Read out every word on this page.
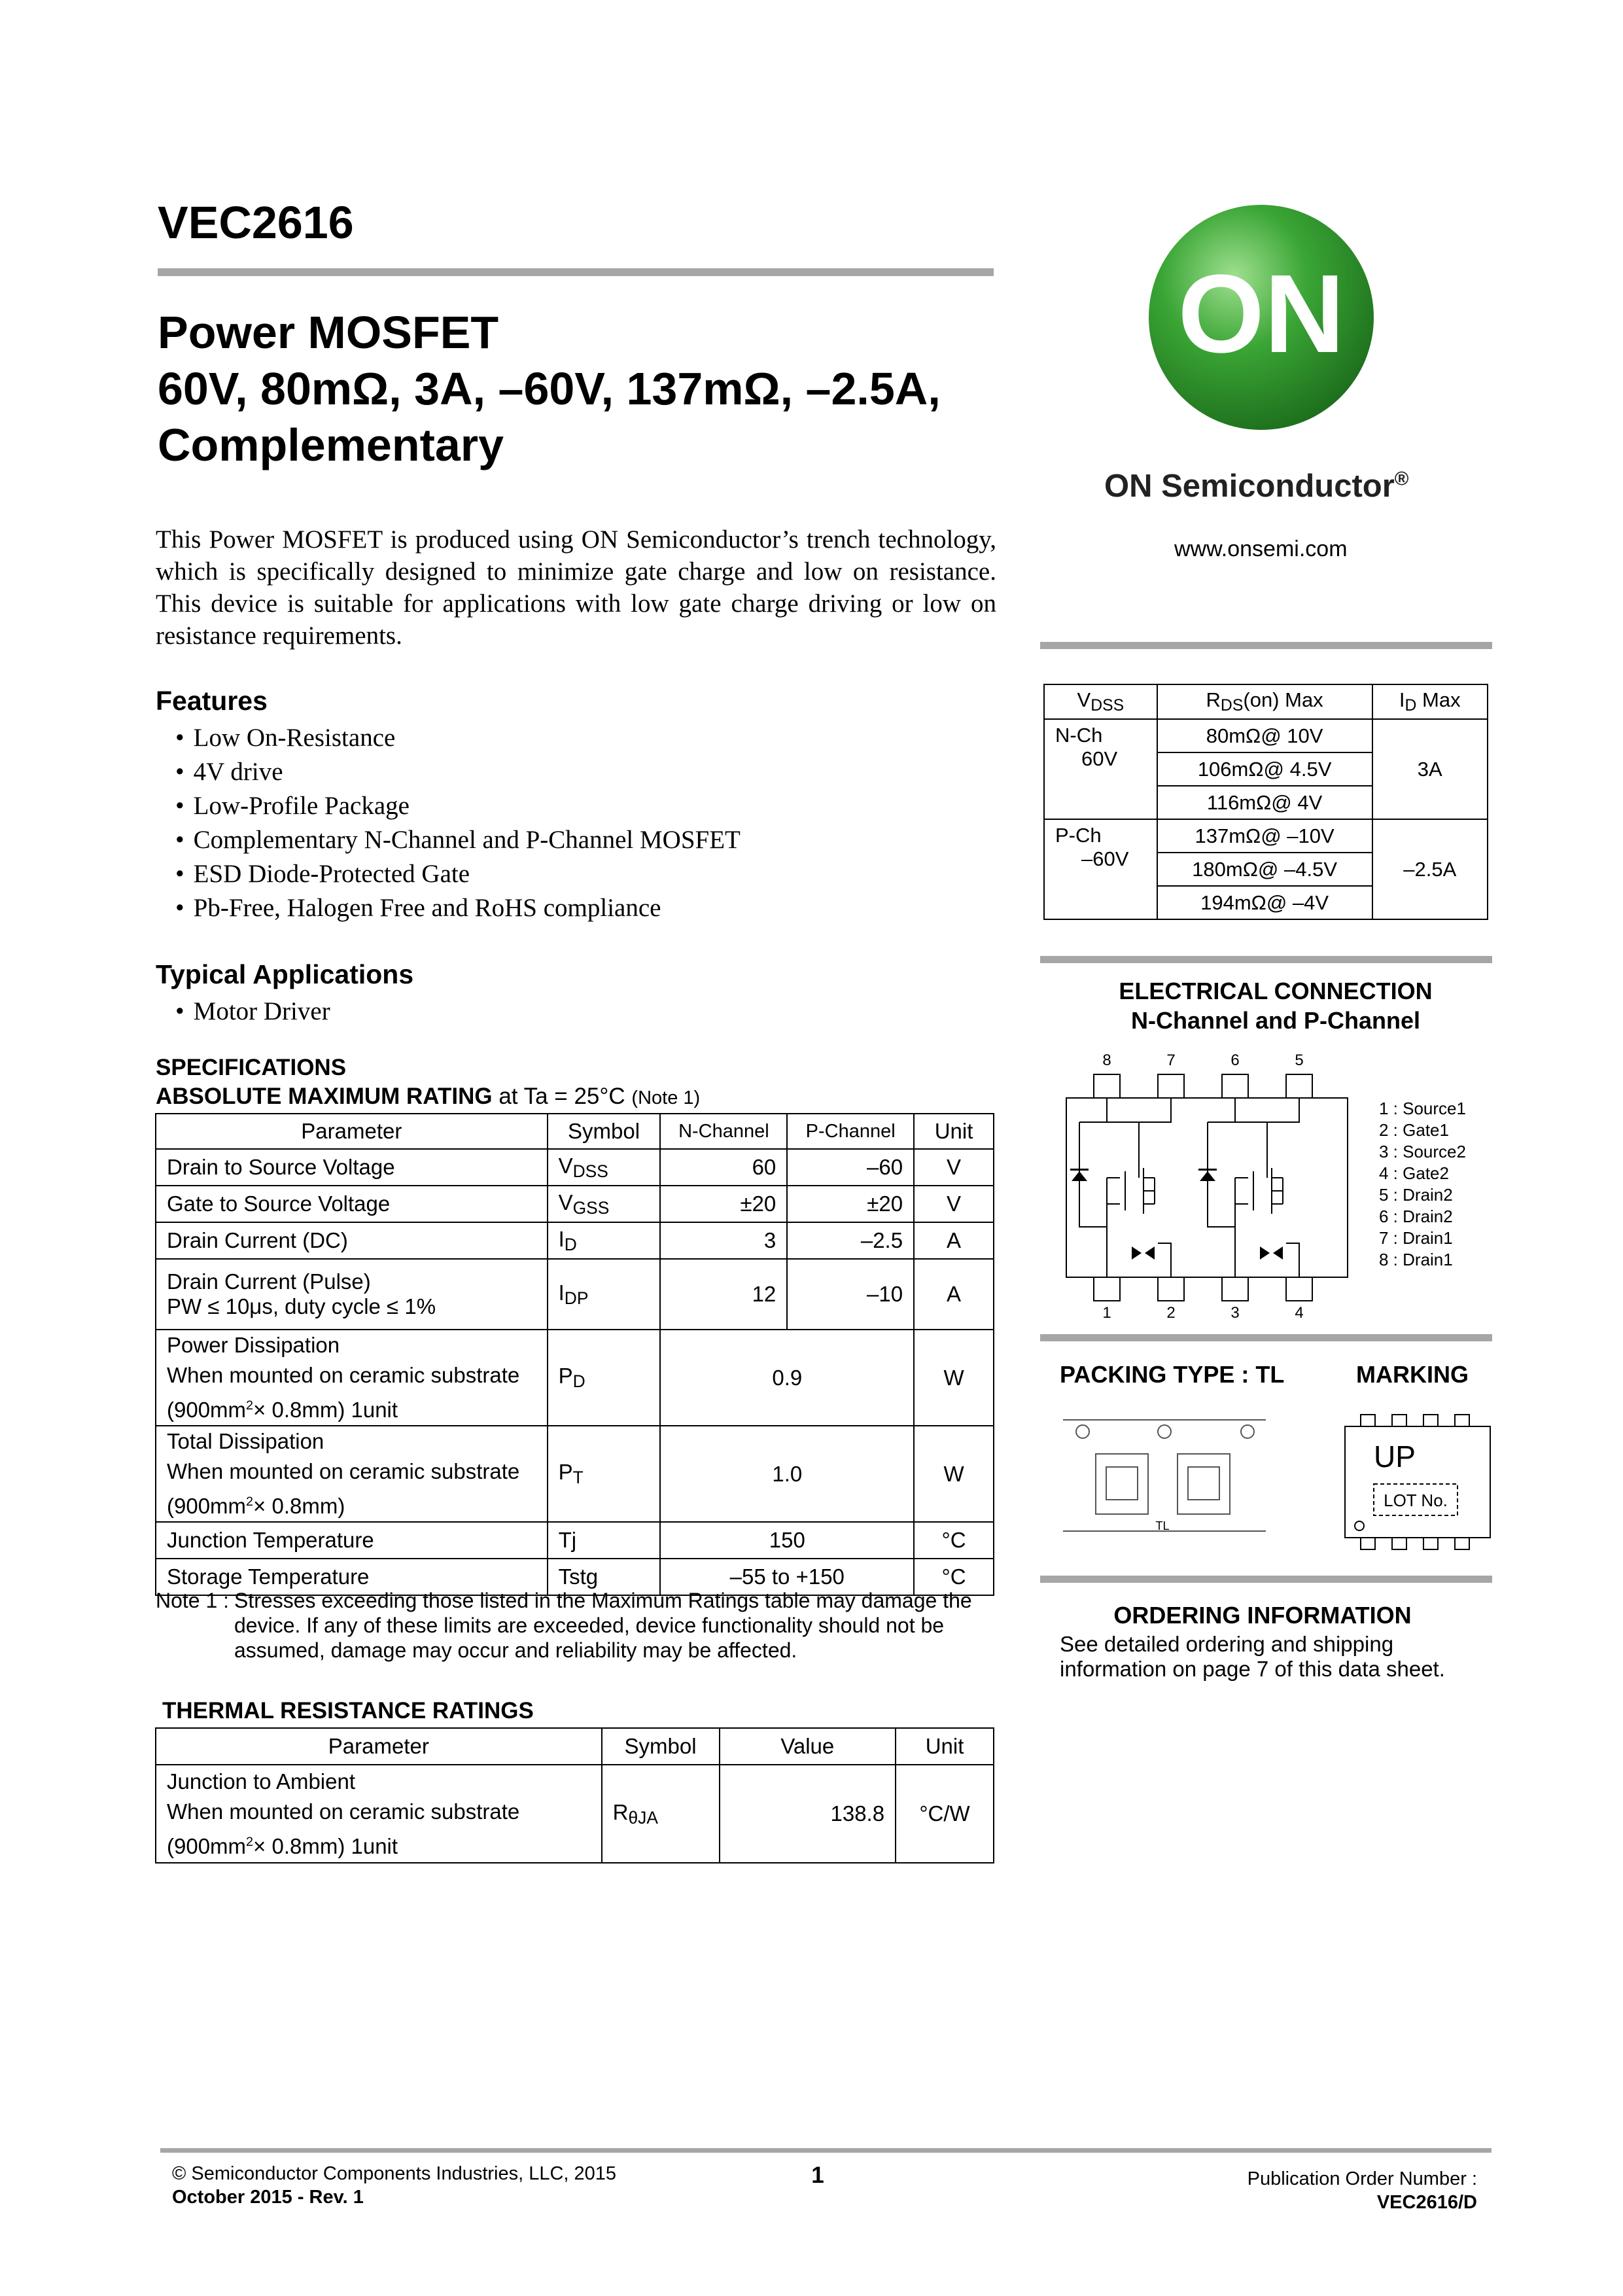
VEC2616
Power MOSFET
60V, 80mΩ, 3A, –60V, 137mΩ, –2.5A,
Complementary
ON
ON Semiconductor®
www.onsemi.com
This Power MOSFET is produced using ON Semiconductor’s trench technology, which is specifically designed to minimize gate charge and low on resistance. This device is suitable for applications with low gate charge driving or low on resistance requirements.
Features
• Low On-Resistance
• 4V drive
• Low-Profile Package
• Complementary N-Channel and P-Channel MOSFET
• ESD Diode-Protected Gate
• Pb-Free, Halogen Free and RoHS compliance
Typical Applications
• Motor Driver
SPECIFICATIONS
ABSOLUTE MAXIMUM RATING at Ta = 25°C (Note 1)
Parameter	Symbol	N-Channel	P-Channel	Unit
Drain to Source Voltage	$V_{DSS}$	60	–60	V
Gate to Source Voltage	$V_{GSS}$	±20	±20	V
Drain Current (DC)	$I_D$	3	–2.5	A

Drain Current (Pulse)
PW ≤ 10μs, duty cycle ≤ 1%	$I_{DP}$	12	–10	A

Power Dissipation
When mounted on ceramic substrate
$(900mm^2\times 0.8mm)$ 1unit	$P_D$	0.9		W

Total Dissipation
When mounted on ceramic substrate
$(900mm^2\times 0.8mm)$	$P_T$	1.0		W
Junction Temperature	Tj	150		°C
Storage Temperature	Tstg	–55 to +150		°C
Note 1 : Stresses exceeding those listed in the Maximum Ratings table may damage the device. If any of these limits are exceeded, device functionality should not be assumed, damage may occur and reliability may be affected.
THERMAL RESISTANCE RATINGS
Parameter	Symbol	Value	Unit

Junction to Ambient
When mounted on ceramic substrate
$(900mm^2\times 0.8mm)$ 1unit	$R_{\theta JA}$	138.8	°C/W
$V_{DSS}$	$R_{DS}(on)$ Max	$I_D$ Max

N-Ch
60V	80mΩ@ 10V	3A
	106mΩ@ 4.5V	
	116mΩ@ 4V	

P-Ch
–60V	137mΩ@ –10V	–2.5A
	180mΩ@ –4.5V	
	194mΩ@ –4V	
ELECTRICAL CONNECTION
N-Channel and P-Channel
8	7	6	5
1	2	3	4
1 : Source1
2 : Gate1
3 : Source2
4 : Gate2
5 : Drain2
6 : Drain2
7 : Drain1
8 : Drain1
PACKING TYPE : TL	MARKING
TL
UP
LOT No.
ORDERING INFORMATION
See detailed ordering and shipping
information on page 7 of this data sheet.
© Semiconductor Components Industries, LLC, 2015
October 2015 - Rev. 1
1	Publication Order Number :
VEC2616/D
